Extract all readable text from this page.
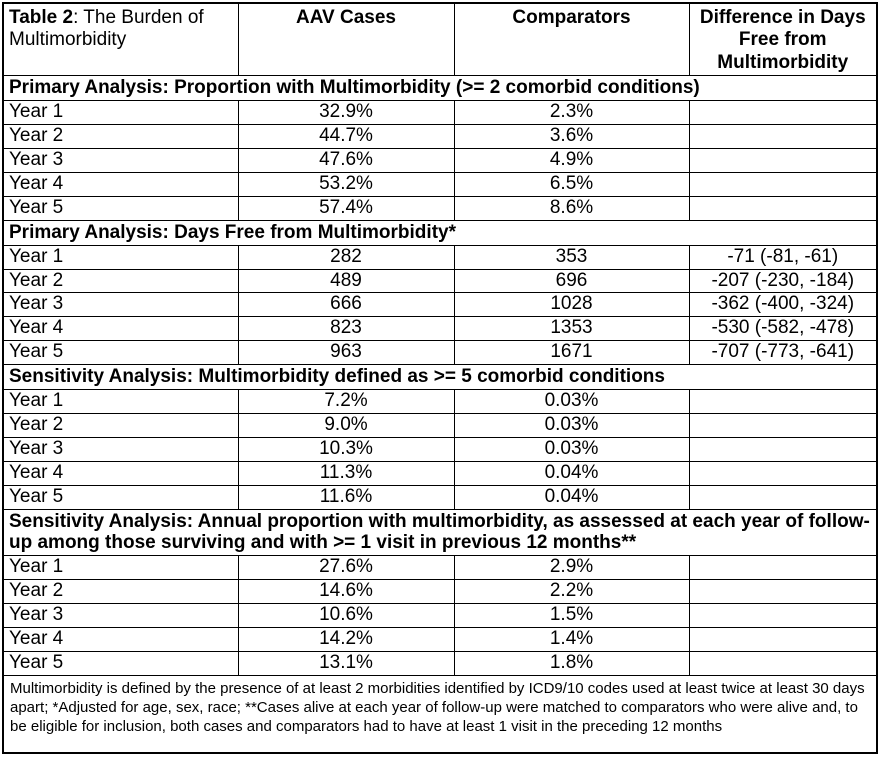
Table 2: The Burden of Multimorbidity	AAV Cases	Comparators	Difference in Days Free from Multimorbidity
Primary Analysis: Proportion with Multimorbidity (>= 2 comorbid conditions)			
Year 1	32.9%	2.3%	
Year 2	44.7%	3.6%	
Year 3	47.6%	4.9%	
Year 4	53.2%	6.5%	
Year 5	57.4%	8.6%	
Primary Analysis: Days Free from Multimorbidity*			
Year 1	282	353	-71 (-81, -61)
Year 2	489	696	-207 (-230, -184)
Year 3	666	1028	-362 (-400, -324)
Year 4	823	1353	-530 (-582, -478)
Year 5	963	1671	-707 (-773, -641)
Sensitivity Analysis: Multimorbidity defined as >= 5 comorbid conditions			
Year 1	7.2%	0.03%	
Year 2	9.0%	0.03%	
Year 3	10.3%	0.03%	
Year 4	11.3%	0.04%	
Year 5	11.6%	0.04%	
Sensitivity Analysis: Annual proportion with multimorbidity, as assessed at each year of follow-up among those surviving and with >= 1 visit in previous 12 months**			
Year 1	27.6%	2.9%	
Year 2	14.6%	2.2%	
Year 3	10.6%	1.5%	
Year 4	14.2%	1.4%	
Year 5	13.1%	1.8%	
Multimorbidity is defined by the presence of at least 2 morbidities identified by ICD9/10 codes used at least twice at least 30 days apart; *Adjusted for age, sex, race; **Cases alive at each year of follow-up were matched to comparators who were alive and, to be eligible for inclusion, both cases and comparators had to have at least 1 visit in the preceding 12 months			
